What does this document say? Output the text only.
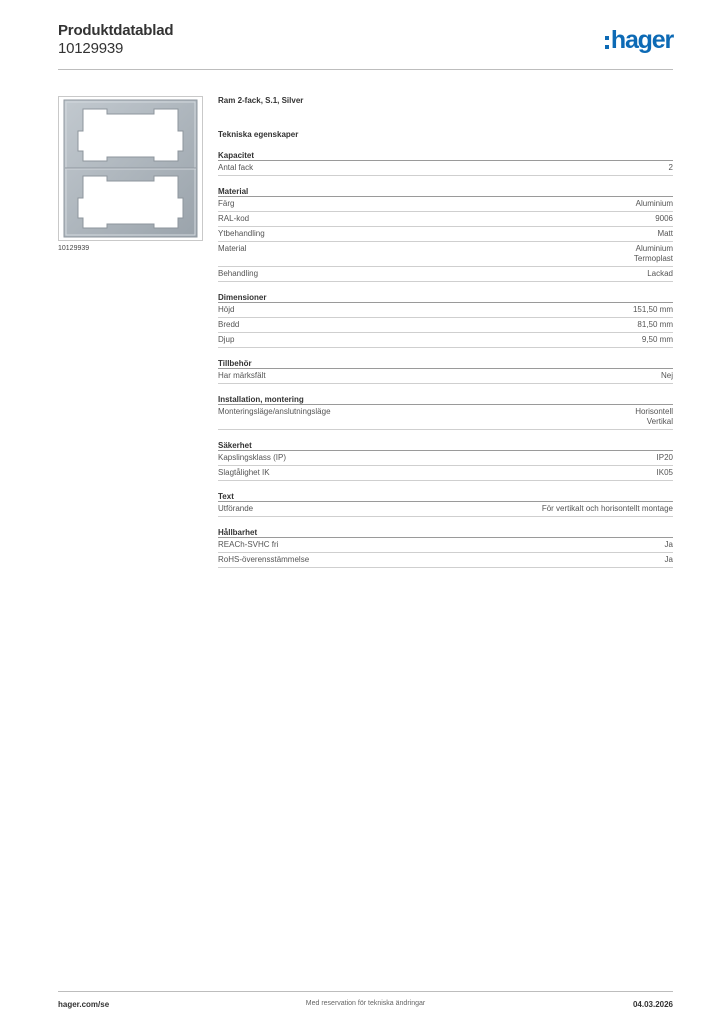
Produktdatablad
10129939	hager
10129939
Ram 2-fack, S.1, Silver
Tekniska egenskaper
Kapacitet
Antal fack	2
Material
Färg	Aluminium
RAL-kod	9006
Ytbehandling	Matt
Material	Aluminium
Termoplast
Behandling	Lackad
Dimensioner
Höjd	151,50 mm
Bredd	81,50 mm
Djup	9,50 mm
Tillbehör
Har märksfält	Nej
Installation, montering
Monteringsläge/anslutningsläge	Horisontell
Vertikal
Säkerhet
Kapslingsklass (IP)	IP20
Slagtålighet IK	IK05
Text
Utförande	För vertikalt och horisontellt montage
Hållbarhet
REACh-SVHC fri	Ja
RoHS-överensstämmelse	Ja
hager.com/se	Med reservation för tekniska ändringar	04.03.2026
